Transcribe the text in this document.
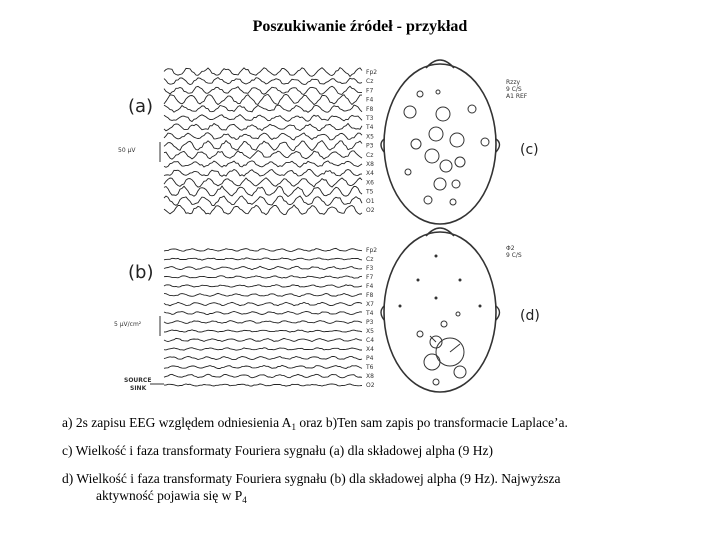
Poszukiwanie źródeł - przykład
(a)
(b)
(c)
(d)
50 μV
5 μV/cm²
Fp2
Cz
F7
F4
F8
T3
T4
X5
P3
Cz
X8
X4
X6
T5
O1
O2
Fp2
Cz
F3
F7
F4
F8
X7
T4
P3
X5
C4
X4
P4
T6
X8
O2
SOURCE
SINK
Rzzy
9 C/S
A1 REF
Φ2
9 C/S

a) 2s zapisu EEG względem odniesienia $A_1$ oraz b)Ten sam zapis po transformacie Laplace’a.

c) Wielkość i faza transformaty Fouriera sygnału (a) dla składowej alpha (9 Hz)

d) Wielkość i faza transformaty Fouriera sygnału (b) dla składowej alpha (9 Hz). Najwyższa
aktywność pojawia się w $P_4$
